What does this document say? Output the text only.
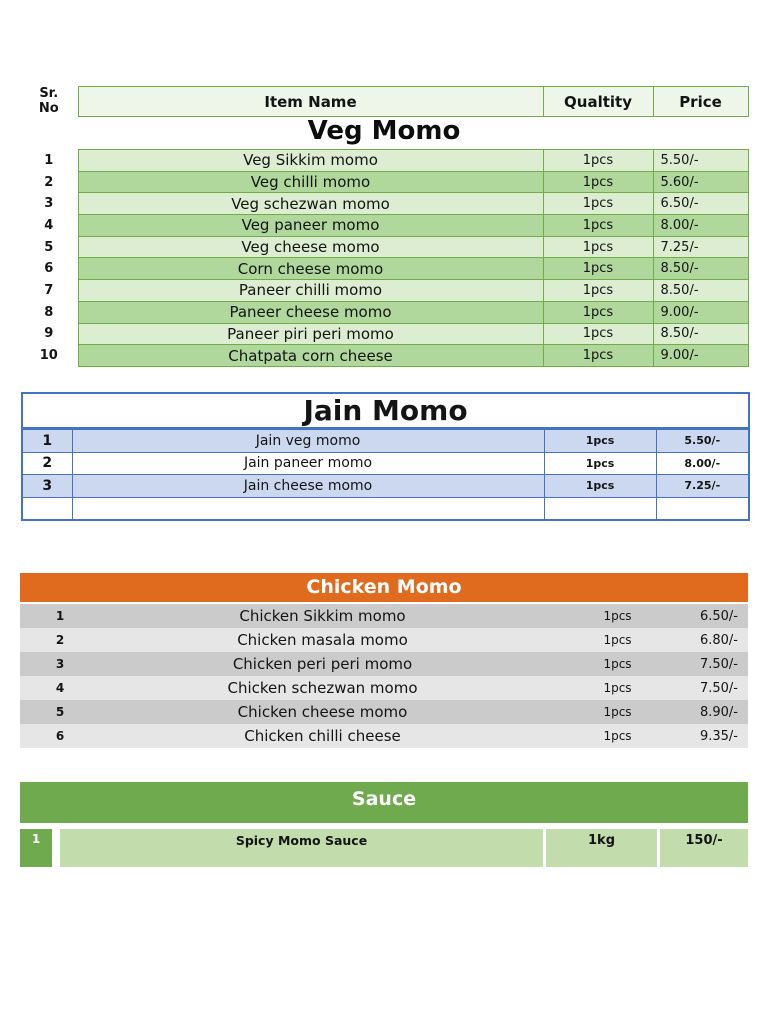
Sr.
No	Item Name	Qualtity	Price
Veg Momo
1	Veg Sikkim momo	1pcs	5.50/-
2	Veg chilli momo	1pcs	5.60/-
3	Veg schezwan momo	1pcs	6.50/-
4	Veg paneer momo	1pcs	8.00/-
5	Veg cheese momo	1pcs	7.25/-
6	Corn cheese momo	1pcs	8.50/-
7	Paneer chilli momo	1pcs	8.50/-
8	Paneer cheese momo	1pcs	9.00/-
9	Paneer piri peri momo	1pcs	8.50/-
10	Chatpata corn cheese	1pcs	9.00/-
Jain Momo			
1	Jain veg momo	1pcs	5.50/-
2	Jain paneer momo	1pcs	8.00/-
3	Jain cheese momo	1pcs	7.25/-

Chicken Momo
1	Chicken Sikkim momo	1pcs	6.50/-
2	Chicken masala momo	1pcs	6.80/-
3	Chicken peri peri momo	1pcs	7.50/-
4	Chicken schezwan momo	1pcs	7.50/-
5	Chicken cheese momo	1pcs	8.90/-
6	Chicken chilli cheese	1pcs	9.35/-
Sauce
1	Spicy Momo Sauce	1kg	150/-
